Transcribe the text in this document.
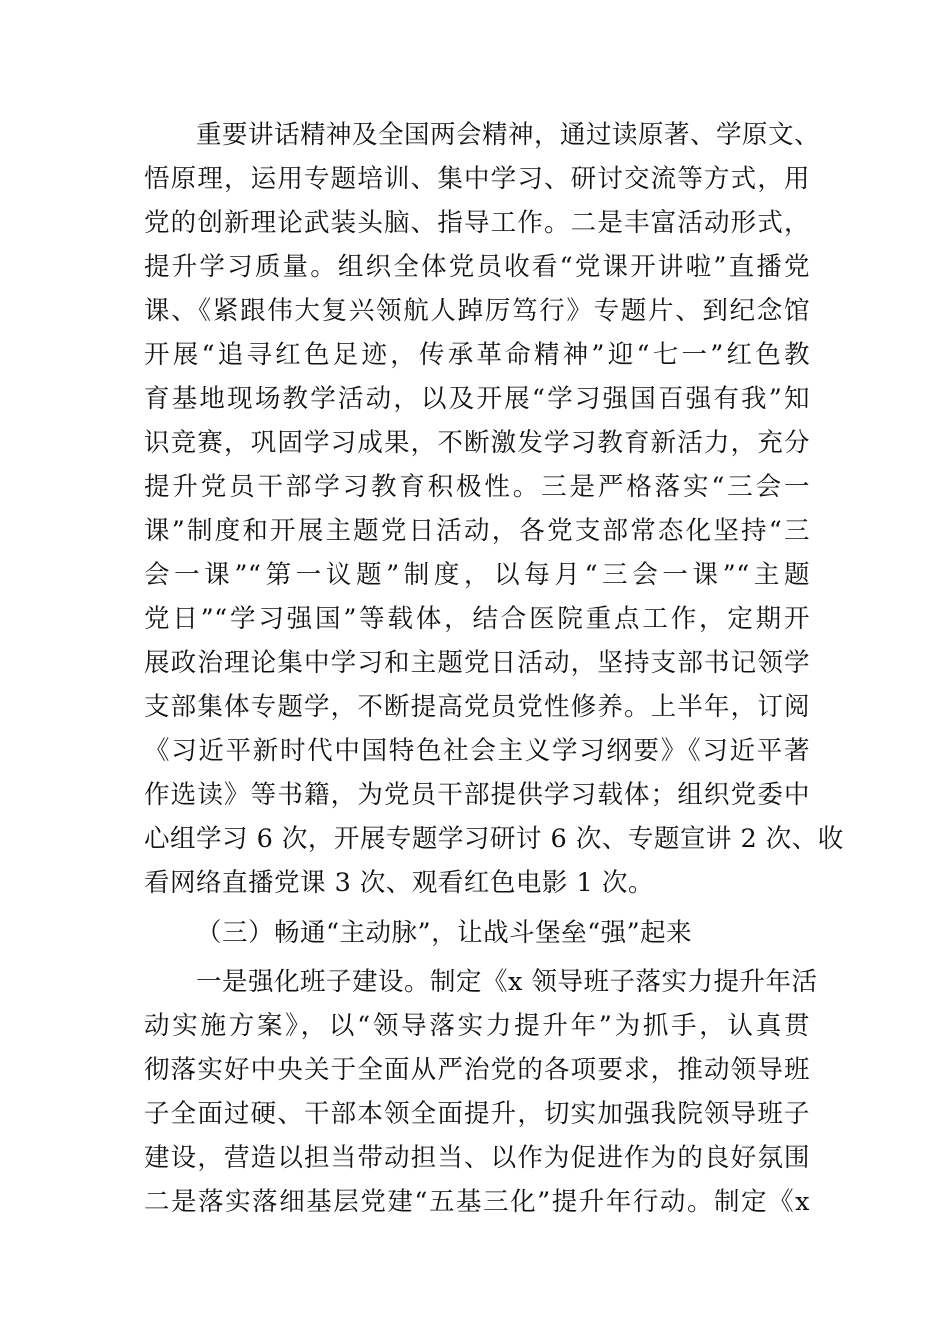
重要讲话精神及全国两会精神，通过读原著、学原文、
悟原理，运用专题培训、集中学习、研讨交流等方式，用
党的创新理论武装头脑、指导工作。二是丰富活动形式，
提升学习质量。组织全体党员收看“党课开讲啦”直播党
课、《紧跟伟大复兴领航人踔厉笃行》专题片、到纪念馆
开展“追寻红色足迹，传承革命精神”迎“七一”红色教
育基地现场教学活动，以及开展“学习强国百强有我”知
识竞赛，巩固学习成果，不断激发学习教育新活力，充分
提升党员干部学习教育积极性。三是严格落实“三会一
课”制度和开展主题党日活动，各党支部常态化坚持“三
会一课”“第一议题”制度，以每月“三会一课”“主题
党日”“学习强国”等载体，结合医院重点工作，定期开
展政治理论集中学习和主题党日活动，坚持支部书记领学
支部集体专题学，不断提高党员党性修养。上半年，订阅
《习近平新时代中国特色社会主义学习纲要》《习近平著
作选读》等书籍，为党员干部提供学习载体；组织党委中
心组学习 6 次，开展专题学习研讨 6 次、专题宣讲 2 次、收
看网络直播党课 3 次、观看红色电影 1 次。
（三）畅通“主动脉”，让战斗堡垒“强”起来
一是强化班子建设。制定《x 领导班子落实力提升年活
动实施方案》，以“领导落实力提升年”为抓手，认真贯
彻落实好中央关于全面从严治党的各项要求，推动领导班
子全面过硬、干部本领全面提升，切实加强我院领导班子
建设，营造以担当带动担当、以作为促进作为的良好氛围
二是落实落细基层党建“五基三化”提升年行动。制定《x
